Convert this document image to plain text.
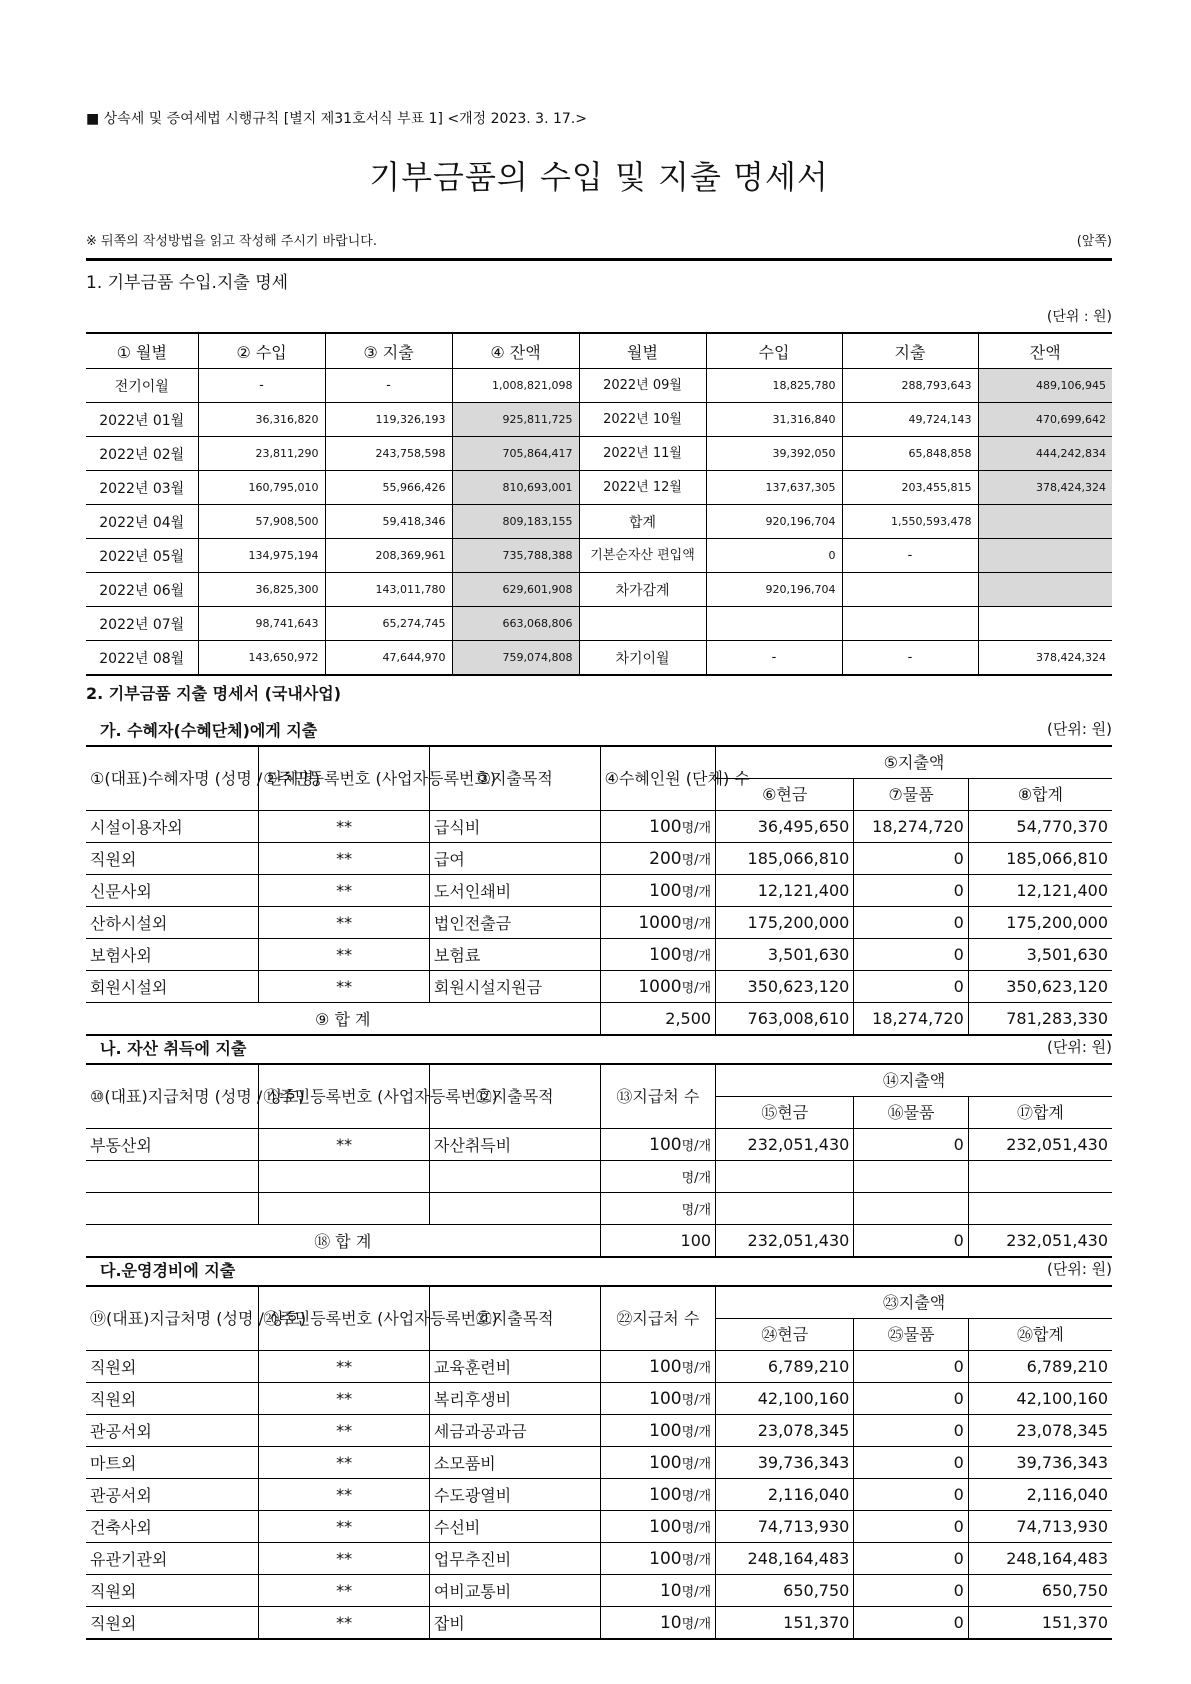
■ 상속세 및 증여세법 시행규칙 [별지 제31호서식 부표 1] <개정 2023. 3. 17.>
기부금품의 수입 및 지출 명세서
※ 뒤쪽의 작성방법을 읽고 작성해 주시기 바랍니다.	(앞쪽)
1. 기부금품 수입.지출 명세
(단위 : 원)
① 월별	② 수입	③ 지출	④ 잔액	월별	수입	지출	잔액
전기이월	-	-	1,008,821,098	2022년 09월	18,825,780	288,793,643	489,106,945
2022년 01월	36,316,820	119,326,193	925,811,725	2022년 10월	31,316,840	49,724,143	470,699,642
2022년 02월	23,811,290	243,758,598	705,864,417	2022년 11월	39,392,050	65,848,858	444,242,834
2022년 03월	160,795,010	55,966,426	810,693,001	2022년 12월	137,637,305	203,455,815	378,424,324
2022년 04월	57,908,500	59,418,346	809,183,155	합계	920,196,704	1,550,593,478	
2022년 05월	134,975,194	208,369,961	735,788,388	기본순자산 편입액	0	-	
2022년 06월	36,825,300	143,011,780	629,601,908	차가감계	920,196,704		
2022년 07월	98,741,643	65,274,745	663,068,806				
2022년 08월	143,650,972	47,644,970	759,074,808	차기이월	-	-	378,424,324
2. 기부금품 지출 명세서 (국내사업)
가. 수혜자(수혜단체)에게 지출	(단위: 원)
①(대표)수혜자명 (성명 / 단체명)	②주민등록번호 (사업자등록번호)	③지출목적	④수혜인원 (단체) 수	⑤지출액		
				⑥현금	⑦물품	⑧합계
시설이용자외	**	급식비	100명/개	36,495,650	18,274,720	54,770,370
직원외	**	급여	200명/개	185,066,810	0	185,066,810
신문사외	**	도서인쇄비	100명/개	12,121,400	0	12,121,400
산하시설외	**	법인전출금	1000명/개	175,200,000	0	175,200,000
보험사외	**	보험료	100명/개	3,501,630	0	3,501,630
회원시설외	**	회원시설지원금	1000명/개	350,623,120	0	350,623,120
⑨ 합 계			2,500	763,008,610	18,274,720	781,283,330
나. 자산 취득에 지출	(단위: 원)
⑩(대표)지급처명 (성명 / 상호)	⑪주민등록번호 (사업자등록번호)	⑫지출목적	⑬지급처 수	⑭지출액		
				⑮현금	⑯물품	⑰합계
부동산외	**	자산취득비	100명/개	232,051,430	0	232,051,430
			명/개			
			명/개			
⑱ 합 계			100	232,051,430	0	232,051,430
다.운영경비에 지출	(단위: 원)
⑲(대표)지급처명 (성명 / 상호)	⑳주민등록번호 (사업자등록번호)	㉑지출목적	㉒지급처 수	㉓지출액		
				㉔현금	㉕물품	㉖합계
직원외	**	교육훈련비	100명/개	6,789,210	0	6,789,210
직원외	**	복리후생비	100명/개	42,100,160	0	42,100,160
관공서외	**	세금과공과금	100명/개	23,078,345	0	23,078,345
마트외	**	소모품비	100명/개	39,736,343	0	39,736,343
관공서외	**	수도광열비	100명/개	2,116,040	0	2,116,040
건축사외	**	수선비	100명/개	74,713,930	0	74,713,930
유관기관외	**	업무추진비	100명/개	248,164,483	0	248,164,483
직원외	**	여비교통비	10명/개	650,750	0	650,750
직원외	**	잡비	10명/개	151,370	0	151,370
